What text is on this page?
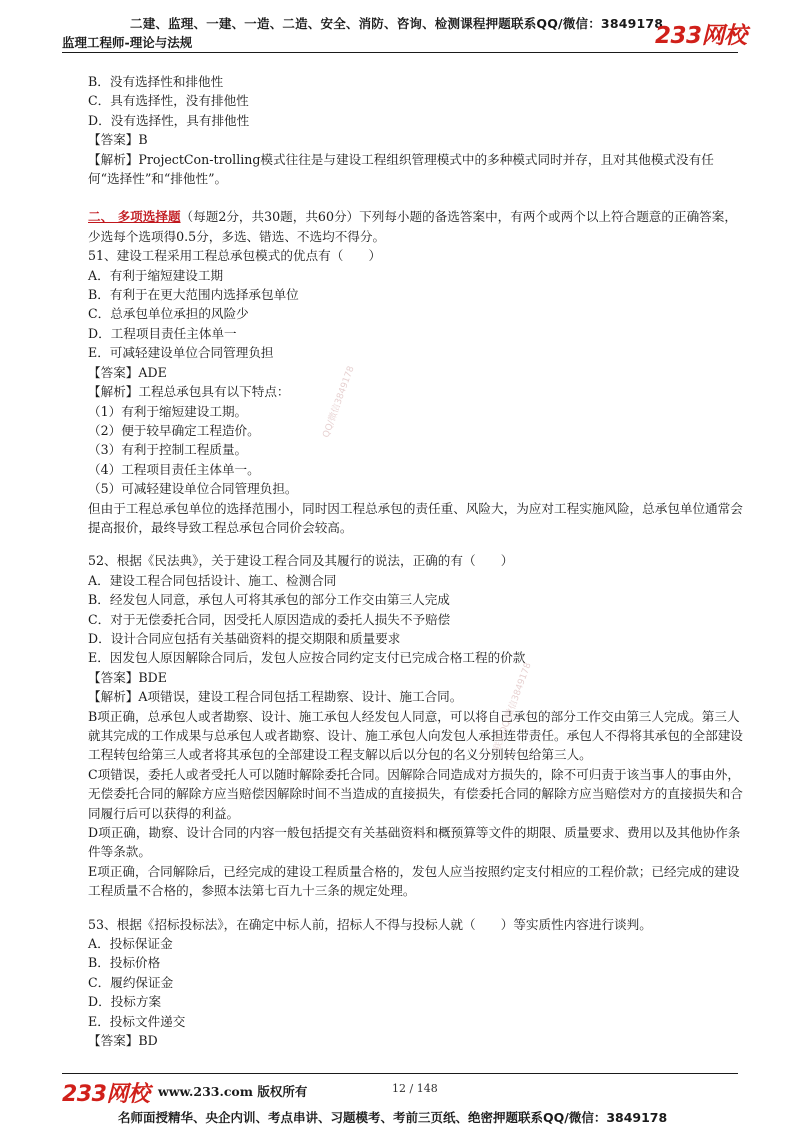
二建、监理、一建、一造、二造、安全、消防、咨询、检测课程押题联系QQ/微信：3849178
监理工程师-理论与法规	233网校

B．没有选择性和排他性

C．具有选择性，没有排他性

D．没有选择性，具有排他性

【答案】B

【解析】ProjectCon-trolling模式往往是与建设工程组织管理模式中的多种模式同时并存，且对其他模式没有任何“选择性”和“排他性”。

二、 多项选择题（每题2分，共30题，共60分）下列每小题的备选答案中，有两个或两个以上符合题意的正确答案，少选每个选项得0.5分，多选、错选、不选均不得分。

51、建设工程采用工程总承包模式的优点有（　　）

A．有利于缩短建设工期

B．有利于在更大范围内选择承包单位

C．总承包单位承担的风险少

D．工程项目责任主体单一

E．可减轻建设单位合同管理负担

【答案】ADE

【解析】工程总承包具有以下特点：

（1）有利于缩短建设工期。

（2）便于较早确定工程造价。

（3）有利于控制工程质量。

（4）工程项目责任主体单一。

（5）可减轻建设单位合同管理负担。

但由于工程总承包单位的选择范围小，同时因工程总承包的责任重、风险大，为应对工程实施风险，总承包单位通常会提高报价，最终导致工程总承包合同价会较高。

52、根据《民法典》，关于建设工程合同及其履行的说法，正确的有（　　）

A．建设工程合同包括设计、施工、检测合同

B．经发包人同意，承包人可将其承包的部分工作交由第三人完成

C．对于无偿委托合同，因受托人原因造成的委托人损失不予赔偿

D．设计合同应包括有关基础资料的提交期限和质量要求

E．因发包人原因解除合同后，发包人应按合同约定支付已完成合格工程的价款

【答案】BDE

【解析】A项错误，建设工程合同包括工程勘察、设计、施工合同。

B项正确，总承包人或者勘察、设计、施工承包人经发包人同意，可以将自己承包的部分工作交由第三人完成。第三人就其完成的工作成果与总承包人或者勘察、设计、施工承包人向发包人承担连带责任。承包人不得将其承包的全部建设工程转包给第三人或者将其承包的全部建设工程支解以后以分包的名义分别转包给第三人。

C项错误，委托人或者受托人可以随时解除委托合同。因解除合同造成对方损失的，除不可归责于该当事人的事由外，无偿委托合同的解除方应当赔偿因解除时间不当造成的直接损失，有偿委托合同的解除方应当赔偿对方的直接损失和合同履行后可以获得的利益。

D项正确，勘察、设计合同的内容一般包括提交有关基础资料和概预算等文件的期限、质量要求、费用以及其他协作条件等条款。

E项正确，合同解除后，已经完成的建设工程质量合格的，发包人应当按照约定支付相应的工程价款；已经完成的建设工程质量不合格的，参照本法第七百九十三条的规定处理。

53、根据《招标投标法》，在确定中标人前，招标人不得与投标人就（　　）等实质性内容进行谈判。

A．投标保证金

B．投标价格

C．履约保证金

D．投标方案

E．投标文件递交

【答案】BD

QQ/微信3849178
联系QQ/微信3849178
233网校 www.233.com 版权所有	12 / 148
名师面授精华、央企内训、考点串讲、习题模考、考前三页纸、绝密押题联系QQ/微信：3849178
